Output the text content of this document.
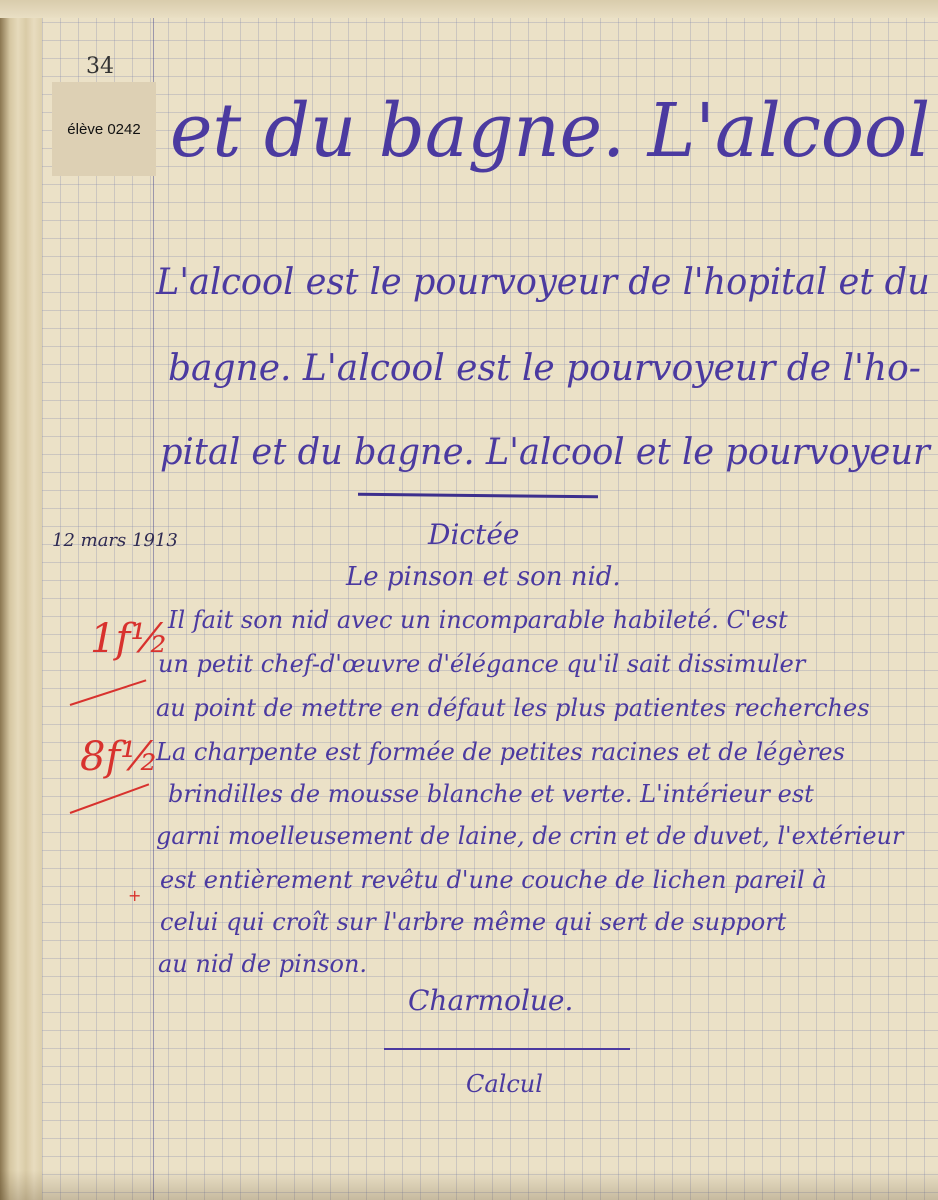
34
élève 0242 et du bagne. L'alcool
L'alcool est le pourvoyeur de l'hopital et du
bagne. L'alcool est le pourvoyeur de l'ho-
pital et du bagne. L'alcool et le pourvoyeur
12 mars 1913	Dictée
Le pinson et son nid.
Il fait son nid avec un incomparable habileté. C'est
un petit chef-d'œuvre d'élégance qu'il sait dissimuler
au point de mettre en défaut les plus patientes recherches
La charpente est formée de petites racines et de légères
brindilles de mousse blanche et verte. L'intérieur est
garni moelleusement de laine, de crin et de duvet, l'extérieur
est entièrement revêtu d'une couche de lichen pareil à
celui qui croît sur l'arbre même qui sert de support
au nid de pinson.
Charmolue.
Calcul
1f½
8f½
+
